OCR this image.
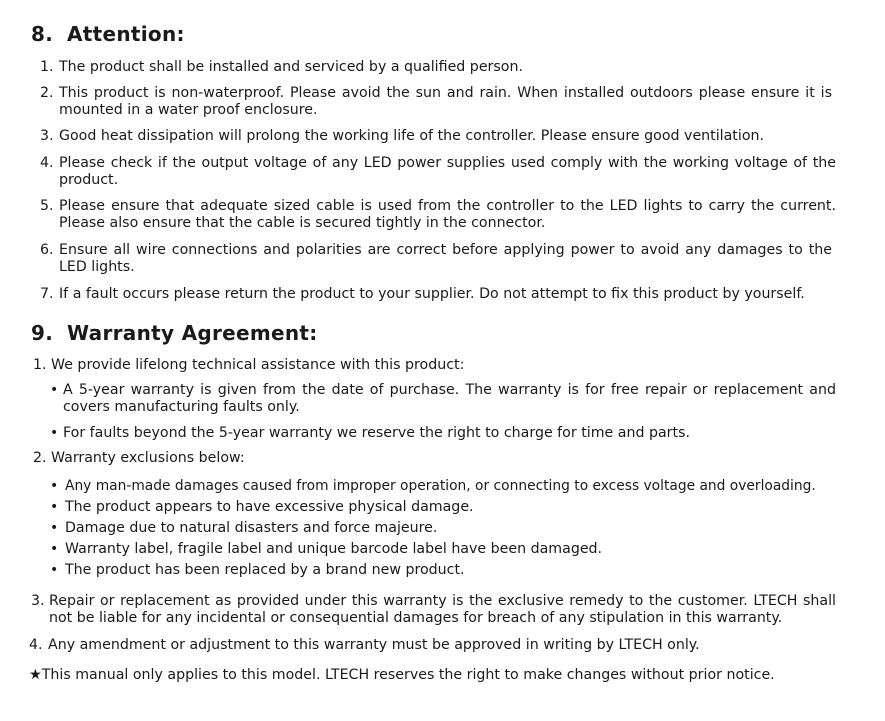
8. Attention:
1. The product shall be installed and serviced by a qualified person.
2. This product is non-waterproof. Please avoid the sun and rain. When installed outdoors please ensure it is mounted in a water proof enclosure.
3. Good heat dissipation will prolong the working life of the controller. Please ensure good ventilation.
4. Please check if the output voltage of any LED power supplies used comply with the working voltage of the product.
5. Please ensure that adequate sized cable is used from the controller to the LED lights to carry the current. Please also ensure that the cable is secured tightly in the connector.
6. Ensure all wire connections and polarities are correct before applying power to avoid any damages to the LED lights.
7. If a fault occurs please return the product to your supplier. Do not attempt to fix this product by yourself.
9. Warranty Agreement:
1. We provide lifelong technical assistance with this product:
• A 5-year warranty is given from the date of purchase. The warranty is for free repair or replacement and covers manufacturing faults only.
• For faults beyond the 5-year warranty we reserve the right to charge for time and parts.
2. Warranty exclusions below:
• Any man-made damages caused from improper operation, or connecting to excess voltage and overloading.
• The product appears to have excessive physical damage.
• Damage due to natural disasters and force majeure.
• Warranty label, fragile label and unique barcode label have been damaged.
• The product has been replaced by a brand new product.
3. Repair or replacement as provided under this warranty is the exclusive remedy to the customer. LTECH shall not be liable for any incidental or consequential damages for breach of any stipulation in this warranty.
4. Any amendment or adjustment to this warranty must be approved in writing by LTECH only.
★This manual only applies to this model. LTECH reserves the right to make changes without prior notice.
